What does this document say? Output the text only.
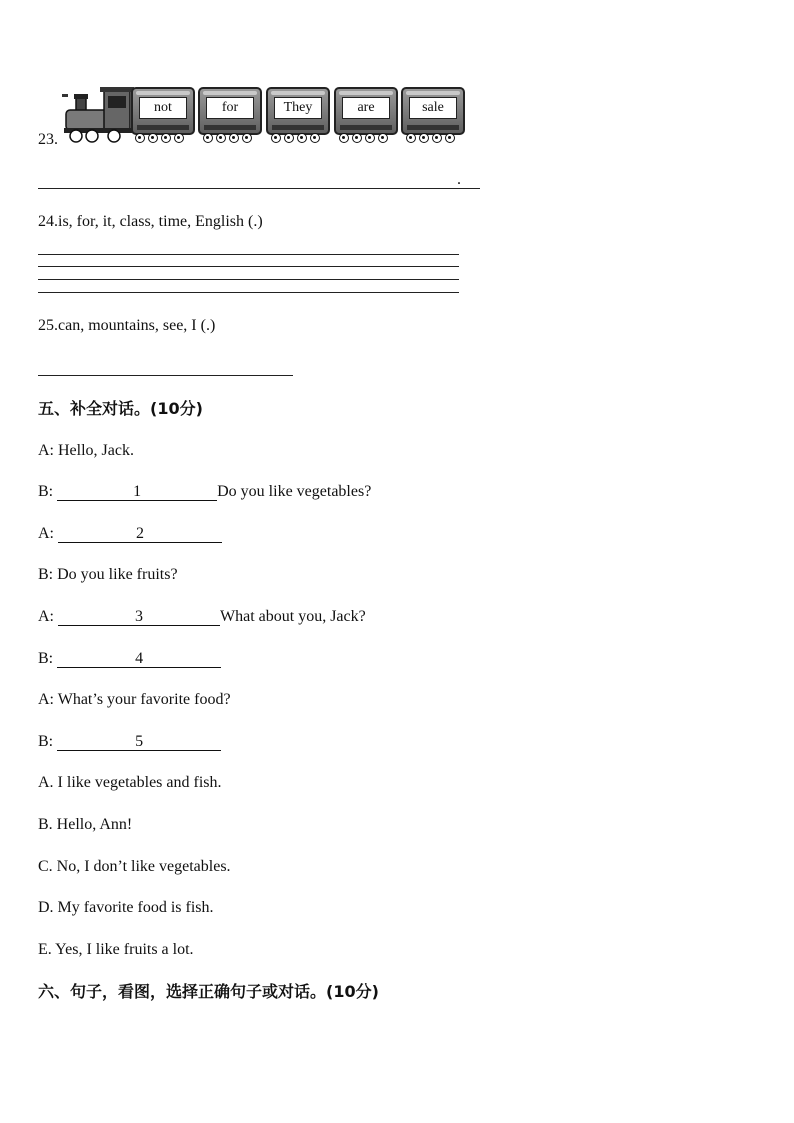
not	for	They	are	sale
23.
.
24.is, for, it, class, time, English (.)
25.can, mountains, see, I (.)
五、补全对话。(10分)
A: Hello, Jack.
B:	1	Do you like vegetables?
A:	2
B: Do you like fruits?
A:	3	What about you, Jack?
B:	4
A: What’s your favorite food?
B:	5
A. I like vegetables and fish.
B. Hello, Ann!
C. No, I don’t like vegetables.
D. My favorite food is fish.
E. Yes, I like fruits a lot.
六、句子，看图，选择正确句子或对话。(10分)
